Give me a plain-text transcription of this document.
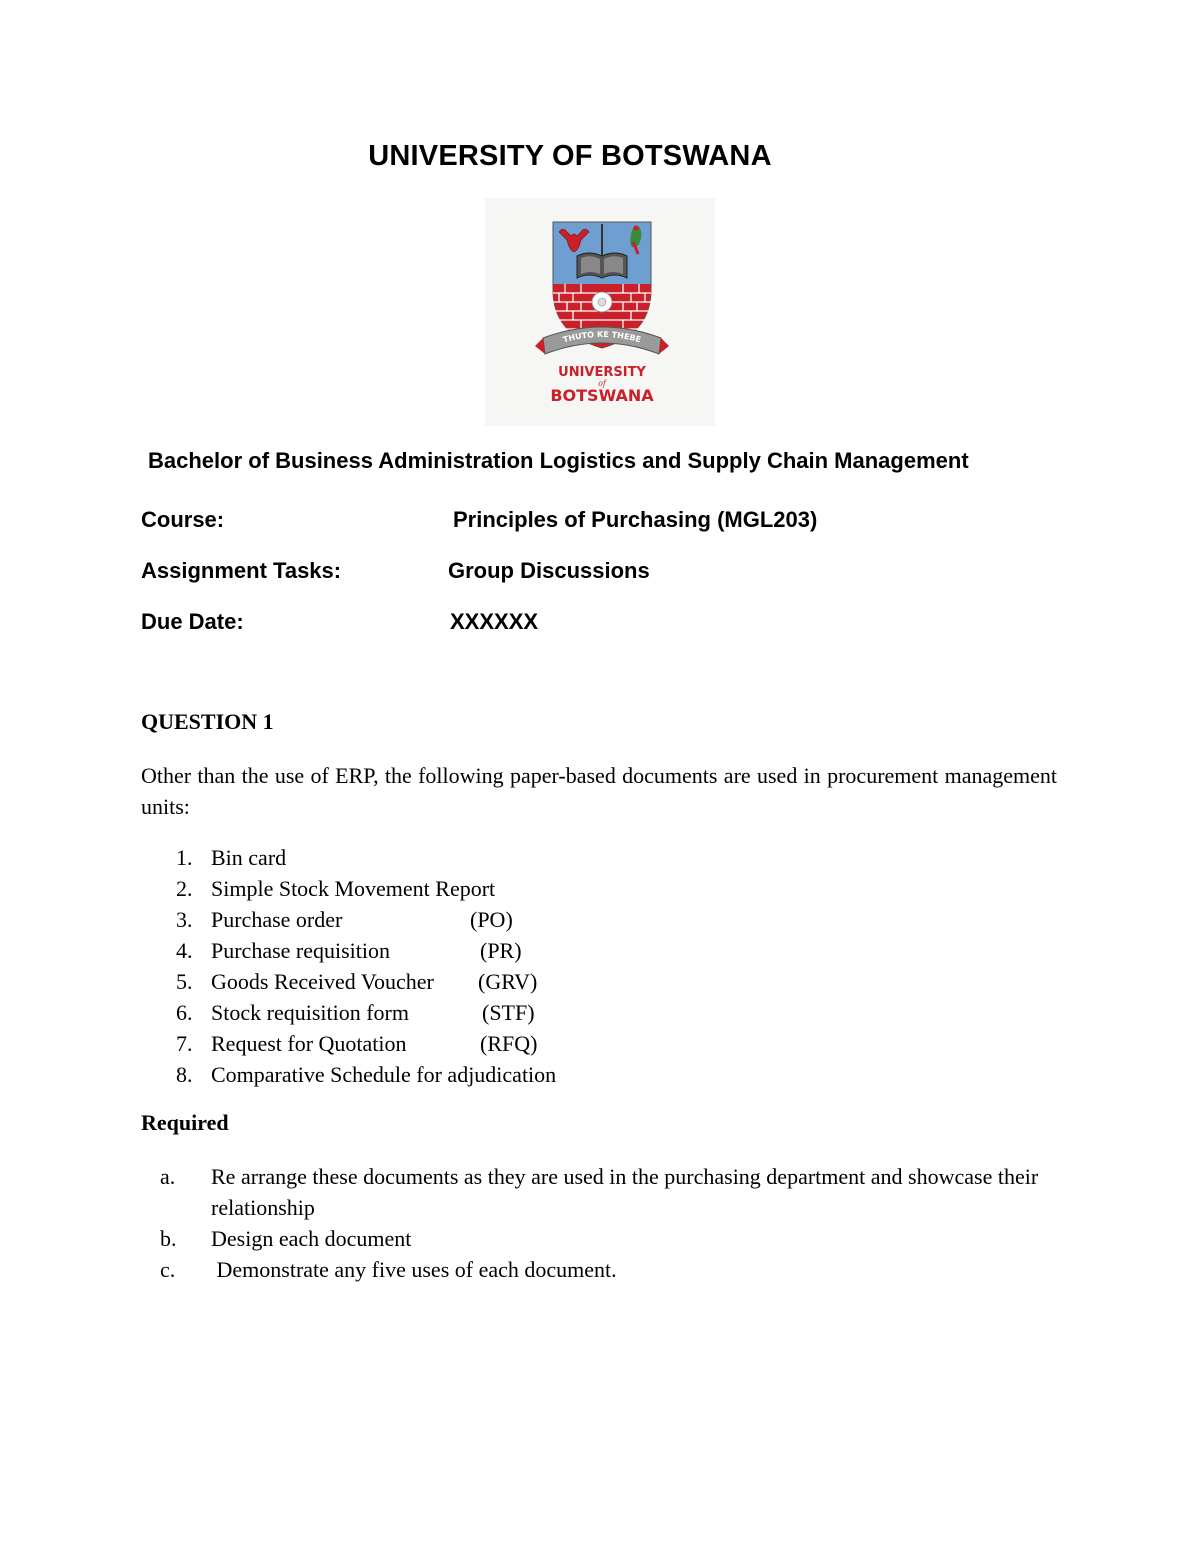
UNIVERSITY OF BOTSWANA
THUTO KE THEBE
UNIVERSITY
of
BOTSWANA
Bachelor of Business Administration Logistics and Supply Chain Management
Course:	Principles of Purchasing (MGL203)
Assignment Tasks:	Group Discussions
Due Date:	XXXXXX
QUESTION 1
Other than the use of ERP, the following paper-based documents are used in procurement management units:
1. Bin card
2. Simple Stock Movement Report
3. Purchase order	(PO)
4. Purchase requisition	(PR)
5. Goods Received Voucher (GRV)
6. Stock requisition form	(STF)
7. Request for Quotation	(RFQ)
8. Comparative Schedule for adjudication
Required
a. Re arrange these documents as they are used in the purchasing department and showcase their relationship
b. Design each document
c. Demonstrate any five uses of each document.
